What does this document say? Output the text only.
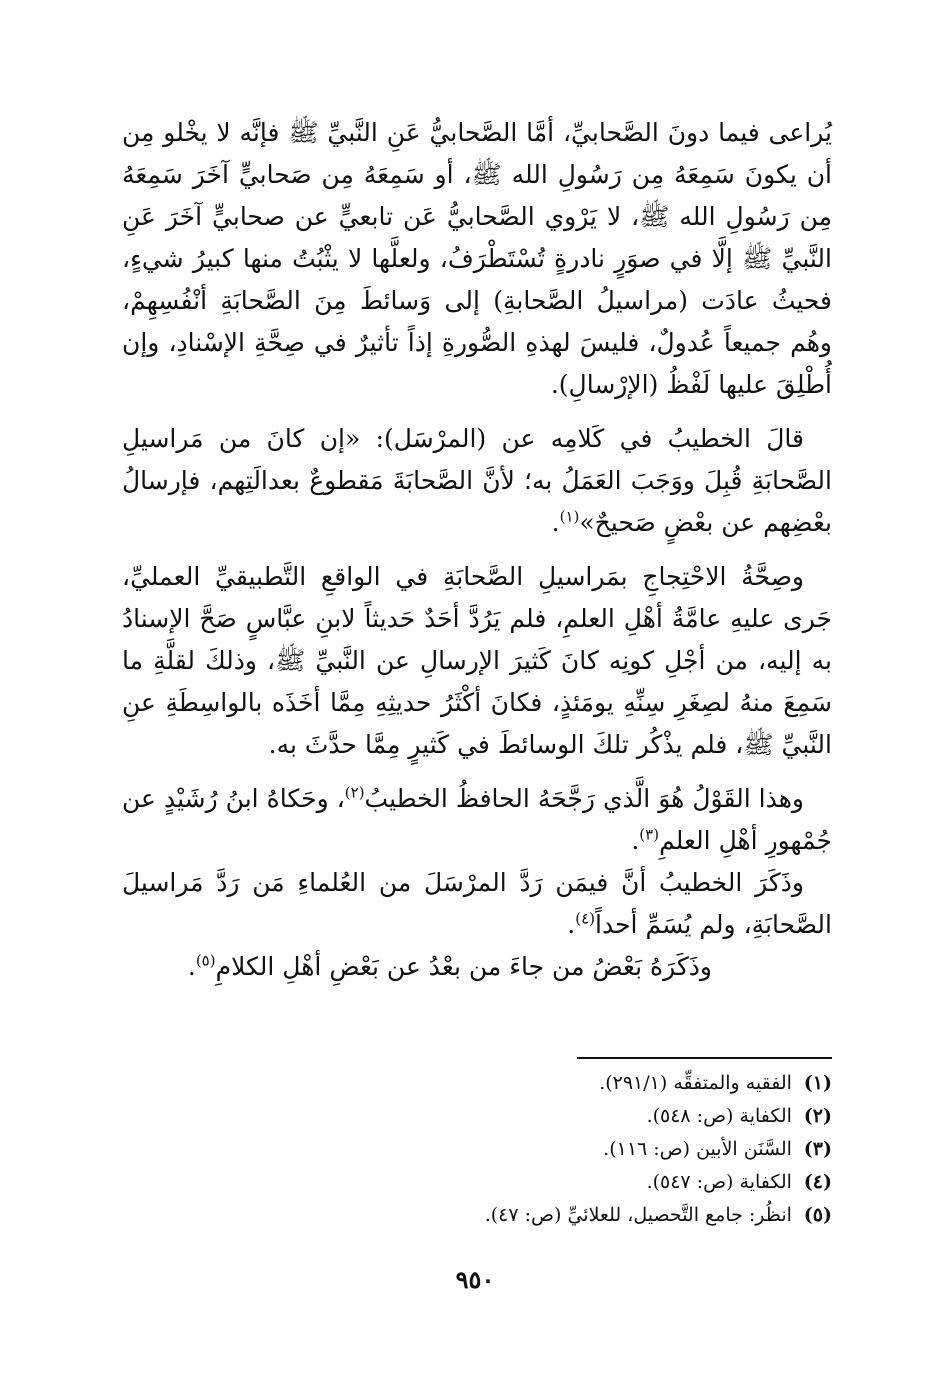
يُراعى فيما دونَ الصَّحابيِّ، أمَّا الصَّحابيُّ عَنِ النَّبيِّ ﷺ فإنَّه لا يخْلو مِن أن يكونَ سَمِعَهُ مِن رَسُولِ الله ﷺ، أو سَمِعَهُ مِن صَحابيٍّ آخَرَ سَمِعَهُ مِن رَسُولِ الله ﷺ، لا يَرْوي الصَّحابيُّ عَن تابعيٍّ عن صحابيٍّ آخَرَ عَنِ النَّبيِّ ﷺ إلَّا في صوَرٍ نادرةٍ تُسْتَطْرَفُ، ولعلَّها لا يثْبُتُ منها كبيرُ شيءٍ، فحيثُ عادَت (مراسيلُ الصَّحابةِ) إلى وَسائطَ مِنَ الصَّحابَةِ أنْفُسِهِمْ، وهُم جميعاً عُدولٌ، فليسَ لهذهِ الصُّورةِ إذاً تأثيرٌ في صِحَّةِ الإسْنادِ، وإن أُطْلِقَ عليها لَفْظُ (الإرْسالِ).

قالَ الخطيبُ في كَلامِه عن (المرْسَل): «إن كانَ من مَراسيلِ الصَّحابَةِ قُبِلَ ووَجَبَ العَمَلُ به؛ لأنَّ الصَّحابَةَ مَقطوعٌ بعدالَتِهم، فإرسالُ بعْضِهم عن بعْضٍ صَحيحٌ»$^{(١)}$.

وصِحَّةُ الاحْتِجاجِ بمَراسيلِ الصَّحابَةِ في الواقعِ التَّطبيقيِّ العمليِّ، جَرى عليهِ عامَّةُ أهْلِ العلمِ، فلم يَرُدَّ أحَدٌ حَديثاً لابنِ عبَّاسٍ صَحَّ الإسنادُ به إليه، من أجْلِ كونِه كانَ كَثيرَ الإرسالِ عن النَّبيِّ ﷺ، وذلكَ لقلَّةِ ما سَمِعَ منهُ لصِغَرِ سِنِّهِ يومَئذٍ، فكانَ أكْثَرُ حديثِهِ مِمَّا أخَذَه بالواسِطَةِ عنِ النَّبيِّ ﷺ، فلم يذْكُر تلكَ الوسائطَ في كَثيرٍ مِمَّا حدَّثَ به.

وهذا القَوْلُ هُوَ الَّذي رَجَّحَهُ الحافظُ الخطيبُ$^{(٢)}$، وحَكاهُ ابنُ رُشَيْدٍ عن جُمْهورِ أهْلِ العلمِ$^{(٣)}$.

وذَكَرَ الخطيبُ أنَّ فيمَن رَدَّ المرْسَلَ من العُلماءِ مَن رَدَّ مَراسيلَ الصَّحابَةِ، ولم يُسَمِّ أحداً$^{(٤)}$.

وذَكَرَهُ بَعْضُ من جاءَ من بعْدُ عن بَعْضِ أهْلِ الكلامِ$^{(٥)}$.

(١) الفقيه والمتفقِّه (٢٩١/١).
(٢) الكفاية (ص: ٥٤٨).
(٣) السَّنَن الأبين (ص: ١١٦).
(٤) الكفاية (ص: ٥٤٧).
(٥) انظُر: جامع التَّحصيل، للعلائيِّ (ص: ٤٧).
٩٥٠
